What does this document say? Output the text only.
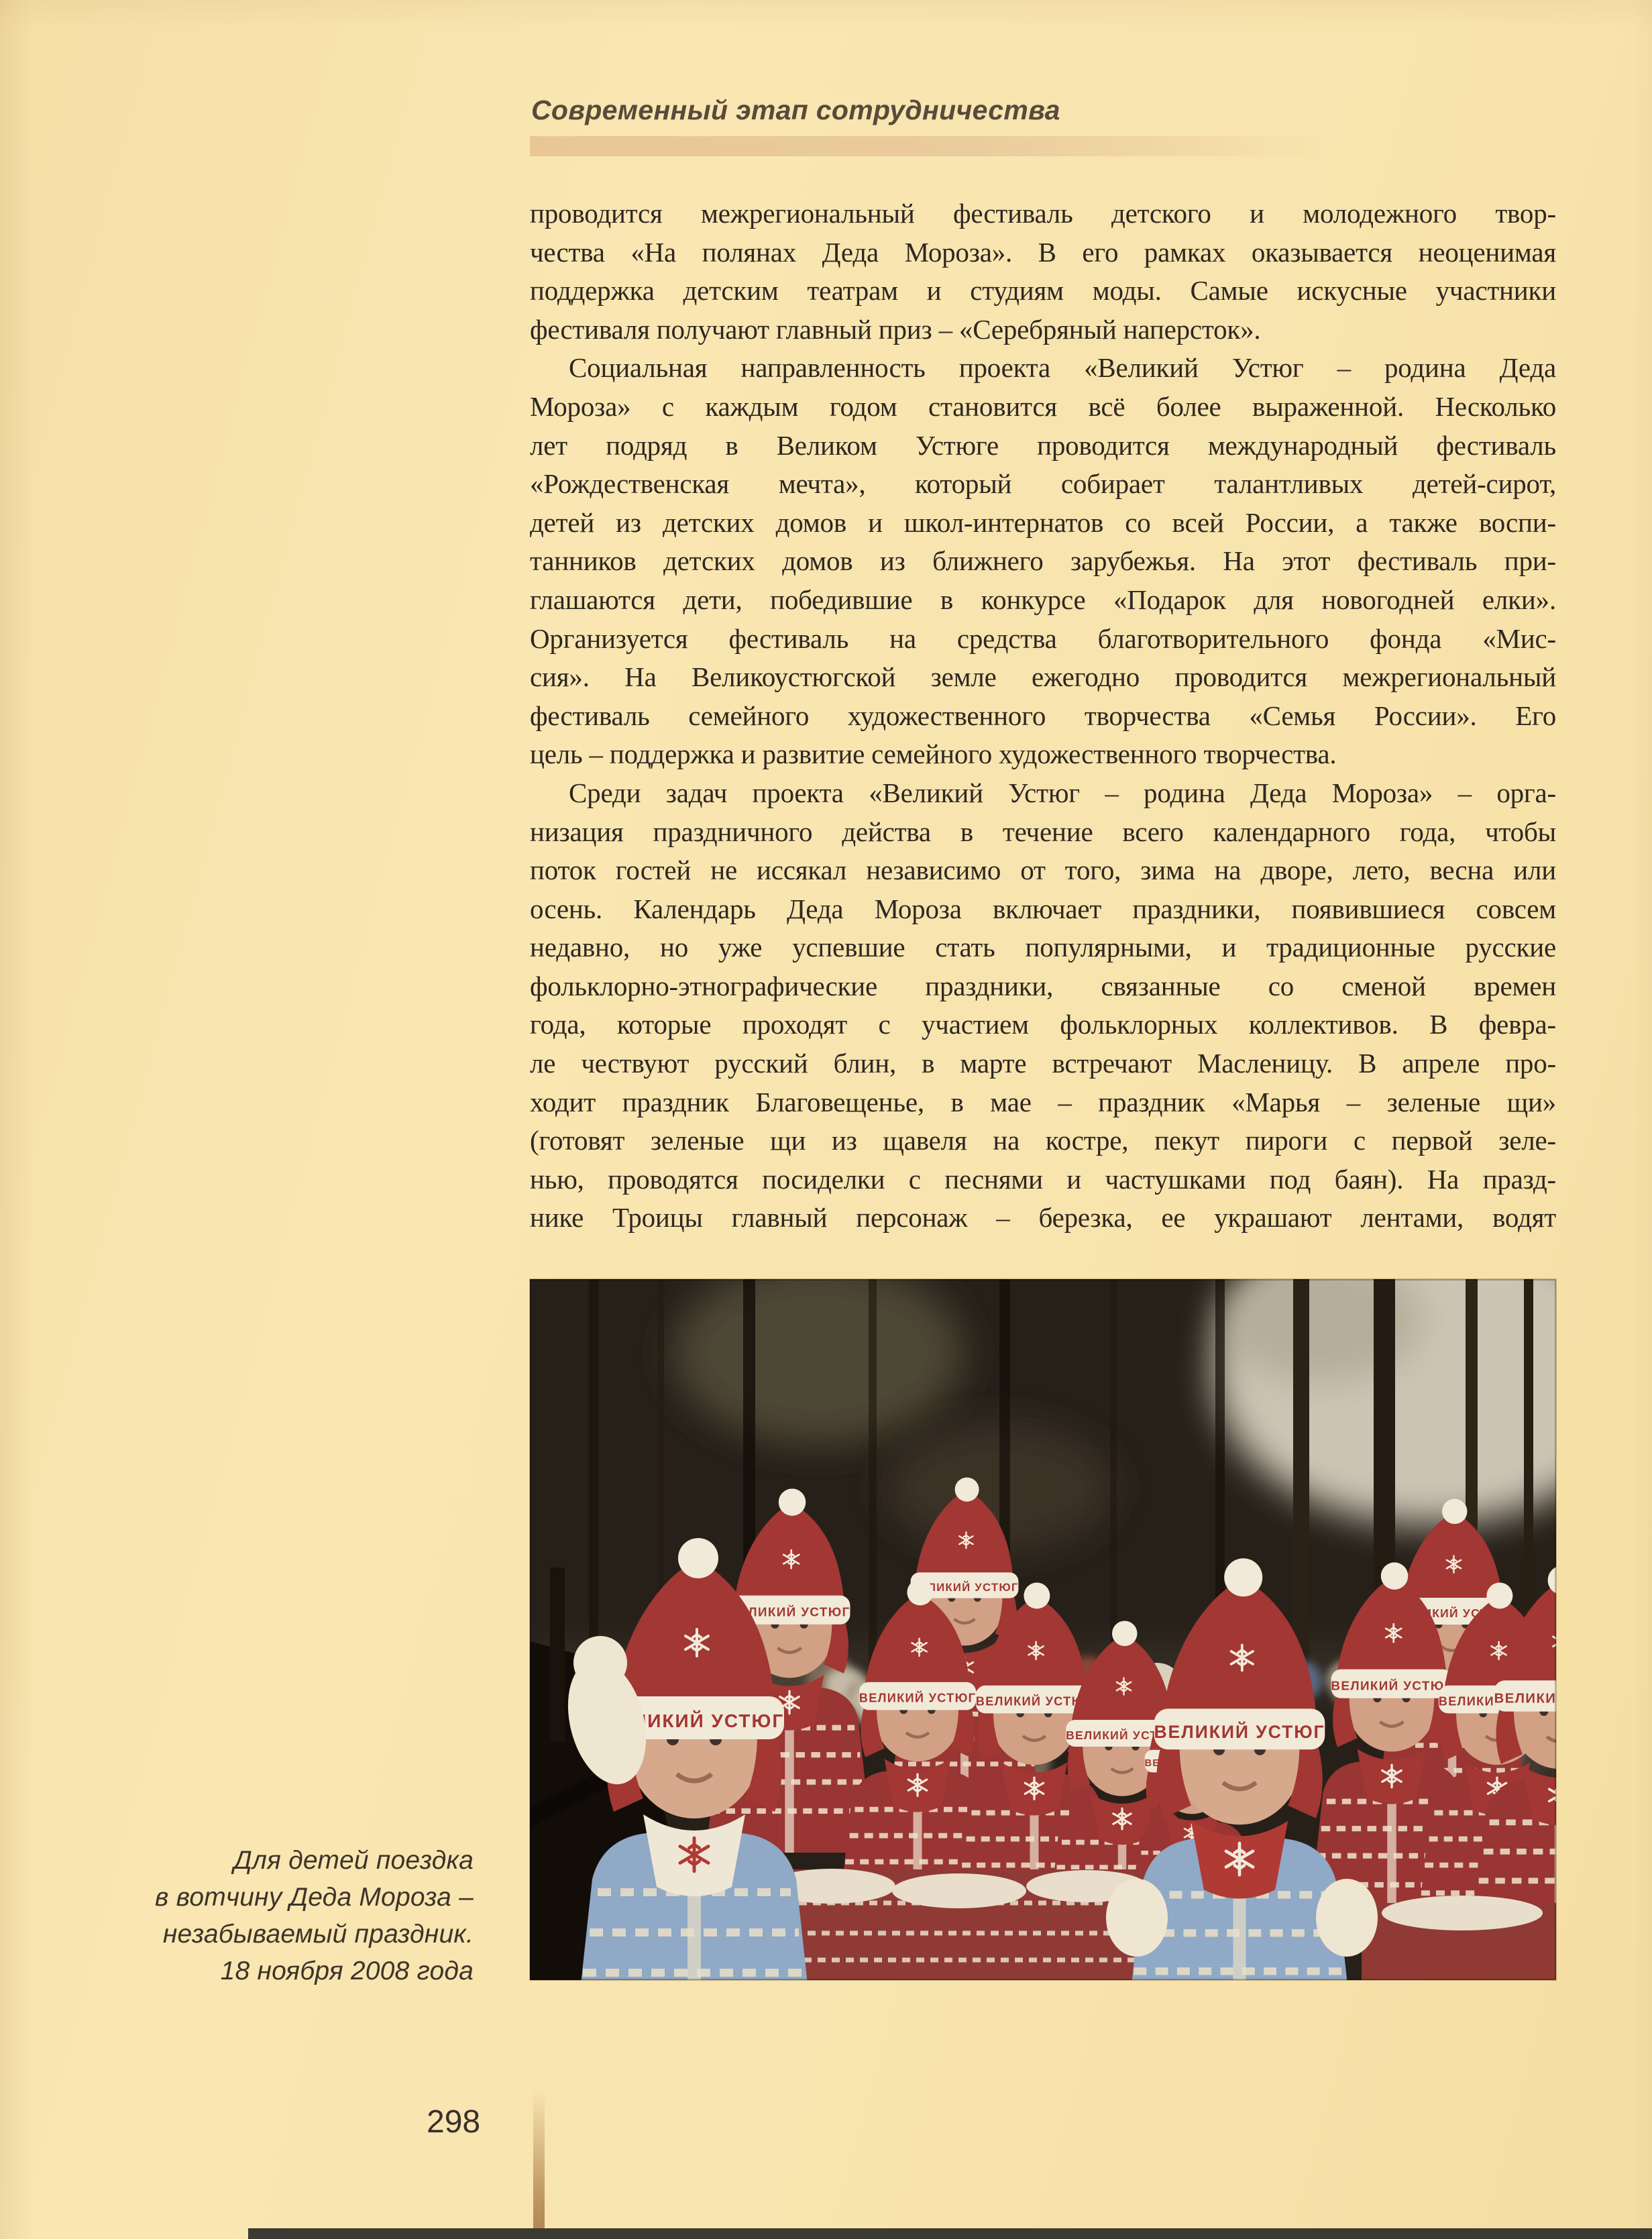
Современный этап сотрудничества
проводится межрегиональный фестиваль детского и молодежного твор-
чества «На полянах Деда Мороза». В его рамках оказывается неоценимая
поддержка детским театрам и студиям моды. Самые искусные участники
фестиваля получают главный приз – «Серебряный наперсток».
Социальная направленность проекта «Великий Устюг – родина Деда
Мороза» с каждым годом становится всё более выраженной. Несколько
лет подряд в Великом Устюге проводится международный фестиваль
«Рождественская мечта», который собирает талантливых детей-сирот,
детей из детских домов и школ-интернатов со всей России, а также воспи-
танников детских домов из ближнего зарубежья. На этот фестиваль при-
глашаются дети, победившие в конкурсе «Подарок для новогодней елки».
Организуется фестиваль на средства благотворительного фонда «Мис-
сия». На Великоустюгской земле ежегодно проводится межрегиональный
фестиваль семейного художественного творчества «Семья России». Его
цель – поддержка и развитие семейного художественного творчества.
Среди задач проекта «Великий Устюг – родина Деда Мороза» – орга-
низация праздничного действа в течение всего календарного года, чтобы
поток гостей не иссякал независимо от того, зима на дворе, лето, весна или
осень. Календарь Деда Мороза включает праздники, появившиеся совсем
недавно, но уже успевшие стать популярными, и традиционные русские
фольклорно-этнографические праздники, связанные со сменой времен
года, которые проходят с участием фольклорных коллективов. В февра-
ле чествуют русский блин, в марте встречают Масленицу. В апреле про-
ходит праздник Благовещенье, в мае – праздник «Марья – зеленые щи»
(готовят зеленые щи из щавеля на костре, пекут пироги с первой зеле-
нью, проводятся посиделки с песнями и частушками под баян). На празд-
нике Троицы главный персонаж – березка, ее украшают лентами, водят
Для детей поездка
в вотчину Деда Мороза –
незабываемый праздник.
18 ноября 2008 года
298
